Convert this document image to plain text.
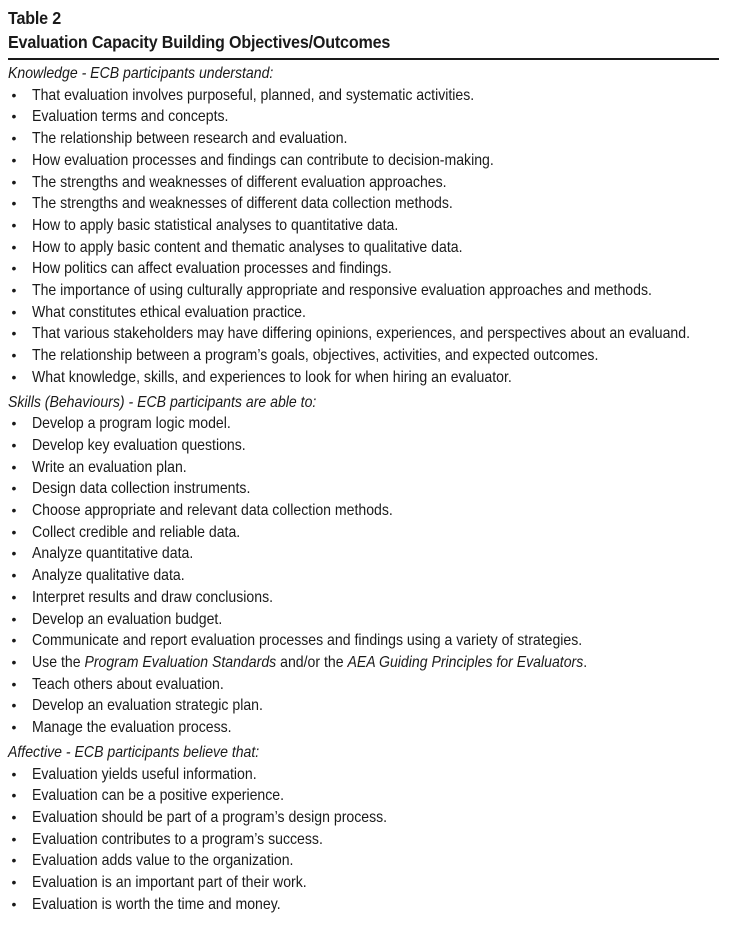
Table 2
Evaluation Capacity Building Objectives/Outcomes
Knowledge - ECB participants understand:
• That evaluation involves purposeful, planned, and systematic activities.
• Evaluation terms and concepts.
• The relationship between research and evaluation.
• How evaluation processes and findings can contribute to decision-making.
• The strengths and weaknesses of different evaluation approaches.
• The strengths and weaknesses of different data collection methods.
• How to apply basic statistical analyses to quantitative data.
• How to apply basic content and thematic analyses to qualitative data.
• How politics can affect evaluation processes and findings.
• The importance of using culturally appropriate and responsive evaluation approaches and methods.
• What constitutes ethical evaluation practice.
• That various stakeholders may have differing opinions, experiences, and perspectives about an evaluand.
• The relationship between a program’s goals, objectives, activities, and expected outcomes.
• What knowledge, skills, and experiences to look for when hiring an evaluator.
Skills (Behaviours) - ECB participants are able to:
• Develop a program logic model.
• Develop key evaluation questions.
• Write an evaluation plan.
• Design data collection instruments.
• Choose appropriate and relevant data collection methods.
• Collect credible and reliable data.
• Analyze quantitative data.
• Analyze qualitative data.
• Interpret results and draw conclusions.
• Develop an evaluation budget.
• Communicate and report evaluation processes and findings using a variety of strategies.
• Use the Program Evaluation Standards and/or the AEA Guiding Principles for Evaluators.
• Teach others about evaluation.
• Develop an evaluation strategic plan.
• Manage the evaluation process.
Affective - ECB participants believe that:
• Evaluation yields useful information.
• Evaluation can be a positive experience.
• Evaluation should be part of a program’s design process.
• Evaluation contributes to a program’s success.
• Evaluation adds value to the organization.
• Evaluation is an important part of their work.
• Evaluation is worth the time and money.
